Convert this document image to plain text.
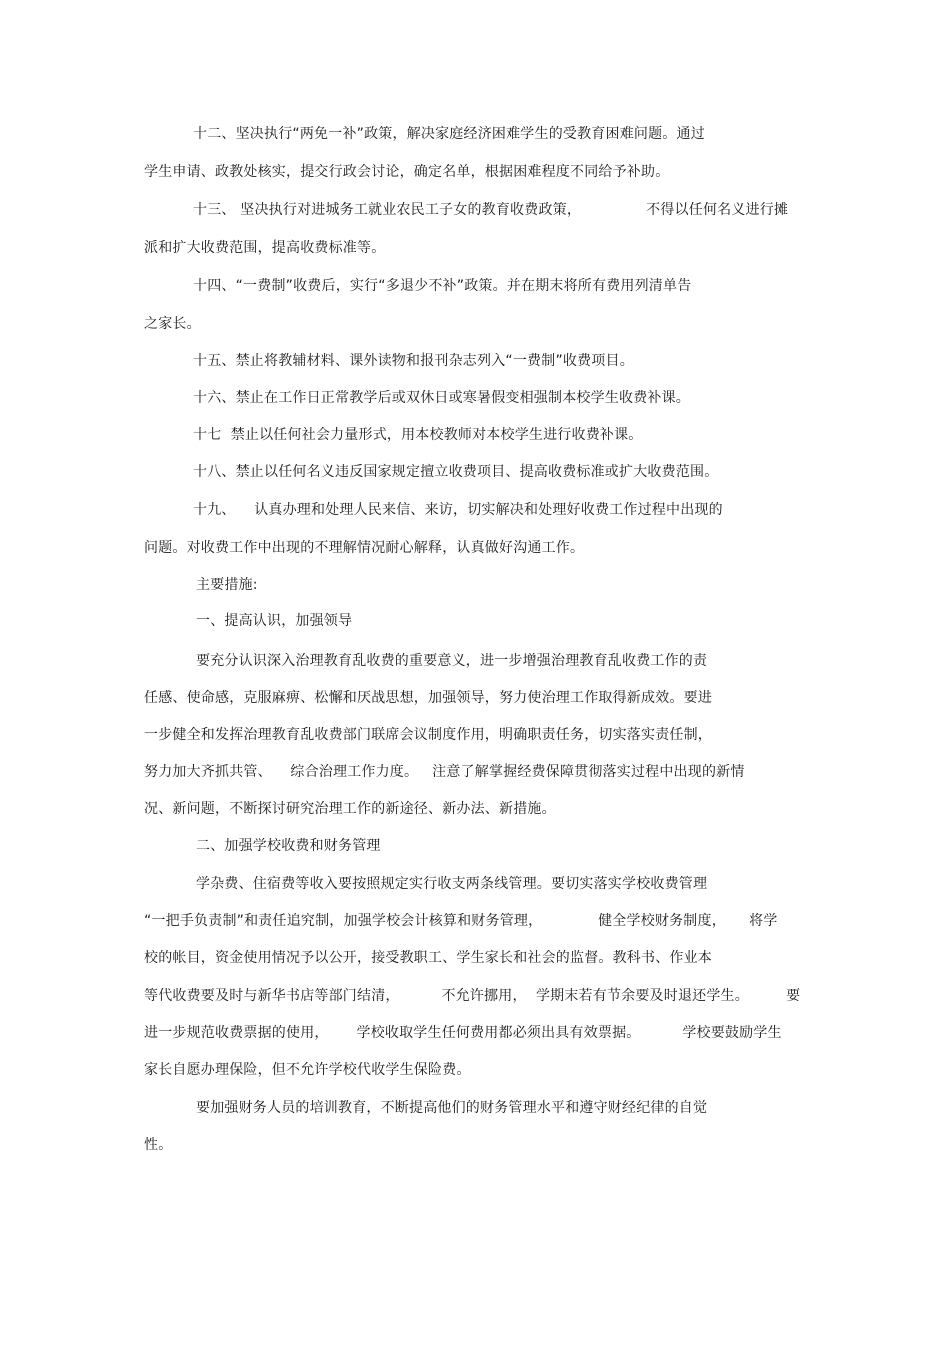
十二、坚决执行“两免一补”政策，解决家庭经济困难学生的受教育困难问题。通过
学生申请、政教处核实，提交行政会讨论，确定名单，根据困难程度不同给予补助。
十三、 坚决执行对进城务工就业农民工子女的教育收费政策，              不得以任何名义进行摊
派和扩大收费范围，提高收费标准等。
十四、“一费制”收费后，实行“多退少不补”政策。并在期末将所有费用列清单告
之家长。
十五、禁止将教辅材料、课外读物和报刊杂志列入“一费制”收费项目。
十六、禁止在工作日正常教学后或双休日或寒暑假变相强制本校学生收费补课。
十七  禁止以任何社会力量形式，用本校教师对本校学生进行收费补课。
十八、禁止以任何名义违反国家规定擅立收费项目、提高收费标准或扩大收费范围。
十九、    认真办理和处理人民来信、来访，切实解决和处理好收费工作过程中出现的
问题。对收费工作中出现的不理解情况耐心解释，认真做好沟通工作。
主要措施:
一、提高认识，加强领导
要充分认识深入治理教育乱收费的重要意义，进一步增强治理教育乱收费工作的责
任感、使命感，克服麻痹、松懈和厌战思想，加强领导，努力使治理工作取得新成效。要进
一步健全和发挥治理教育乱收费部门联席会议制度作用，明确职责任务，切实落实责任制，
努力加大齐抓共管、    综合治理工作力度。   注意了解掌握经费保障贯彻落实过程中出现的新情
况、新问题，不断探讨研究治理工作的新途径、新办法、新措施。
二、加强学校收费和财务管理
学杂费、住宿费等收入要按照规定实行收支两条线管理。要切实落实学校收费管理
“一把手负责制”和责任追究制，加强学校会计核算和财务管理，            健全学校财务制度，     将学
校的帐目，资金使用情况予以公开，接受教职工、学生家长和社会的监督。教科书、作业本
等代收费要及时与新华书店等部门结清，         不允许挪用，  学期末若有节余要及时退还学生。        要
进一步规范收费票据的使用，      学校收取学生任何费用都必须出具有效票据。         学校要鼓励学生
家长自愿办理保险，但不允许学校代收学生保险费。
要加强财务人员的培训教育，不断提高他们的财务管理水平和遵守财经纪律的自觉
性。
